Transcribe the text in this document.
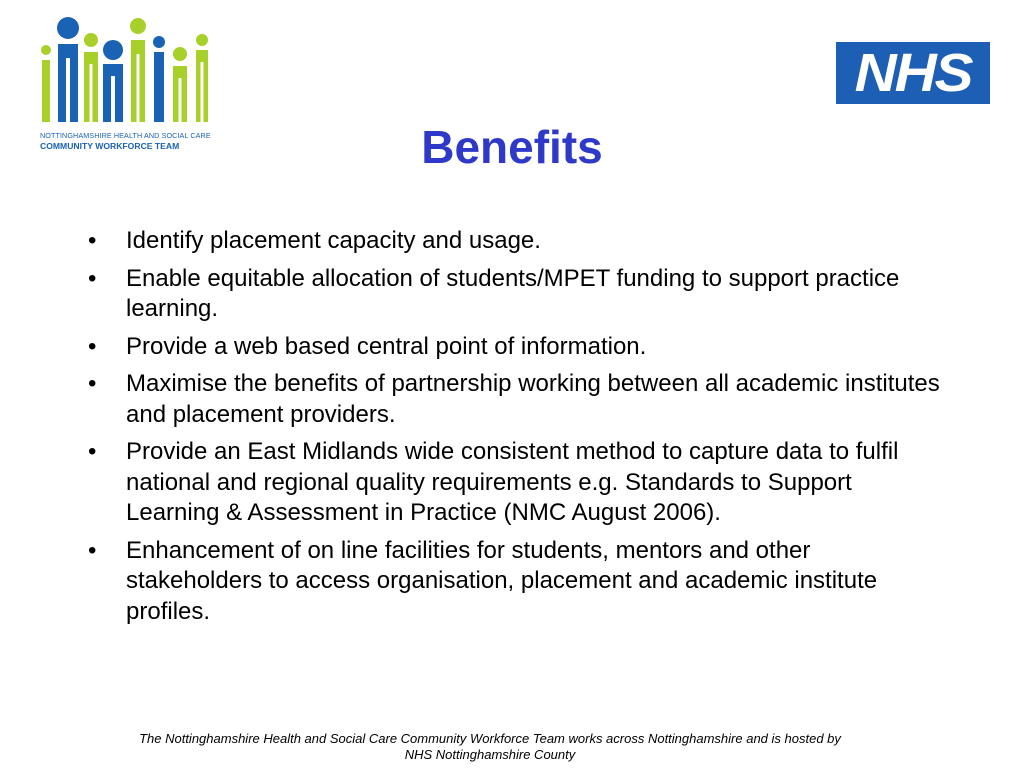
NOTTINGHAMSHIRE HEALTH AND SOCIAL CARE
COMMUNITY WORKFORCE TEAM
NHS
Benefits
•	Identify placement capacity and usage.
•	Enable equitable allocation of students/MPET funding to support practice learning.
•	Provide a web based central point of information.
•	Maximise the benefits of partnership working between all academic institutes and placement providers.
•	Provide an East Midlands wide consistent method to capture data to fulfil national and regional quality requirements e.g. Standards to Support Learning & Assessment in Practice (NMC August 2006).
•	Enhancement of on line facilities for students, mentors and other stakeholders to access organisation, placement and academic institute profiles.
The Nottinghamshire Health and Social Care Community Workforce Team works across Nottinghamshire and is hosted by
NHS Nottinghamshire County
